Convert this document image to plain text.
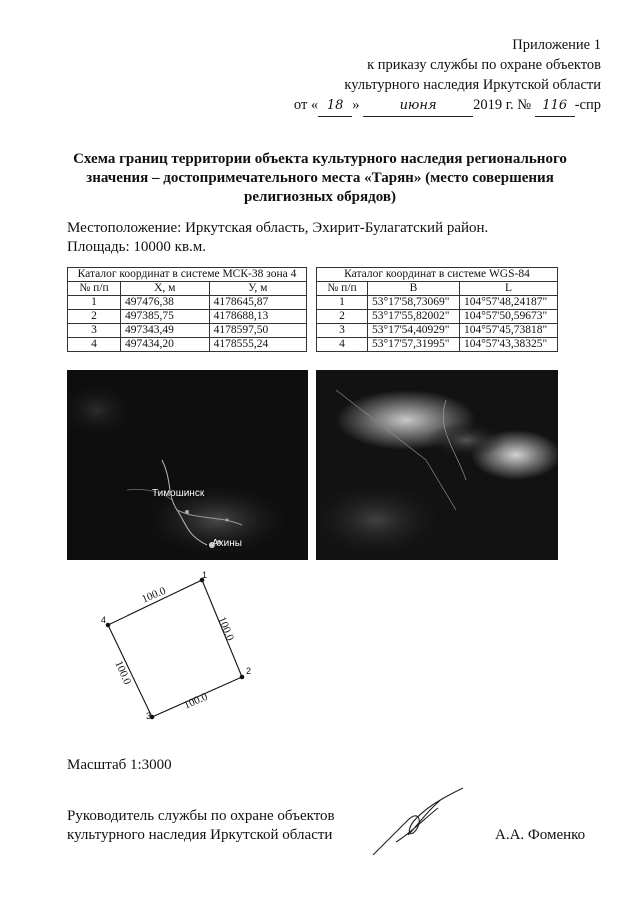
Приложение 1
к приказу службы по охране объектов
культурного наследия Иркутской области
от « 18 »	июня	2019 г. № 116 -спр
Схема границ территории объекта культурного наследия регионального
значения – достопримечательного места «Тарян» (место совершения
религиозных обрядов)
Местоположение: Иркутская область, Эхирит-Булагатский район.
Площадь: 10000 кв.м.
Каталог координат в системе МСК-38 зона 4		
№ п/п	X, м	У, м
1	497476,38	4178645,87
2	497385,75	4178688,13
3	497343,49	4178597,50
4	497434,20	4178555,24
Каталог координат в системе WGS-84		
№ п/п	B	L
1	53°17'58,73069"	104°57'48,24187"
2	53°17'55,82002"	104°57'50,59673"
3	53°17'54,40929"	104°57'45,73818"
4	53°17'57,31995"	104°57'43,38325"
Тимошинск
Ахины
1
2
3
4	100.0
100.0
100.0
100.0
Масштаб 1:3000
Руководитель службы по охране объектов
культурного наследия Иркутской области	А.А. Фоменко
